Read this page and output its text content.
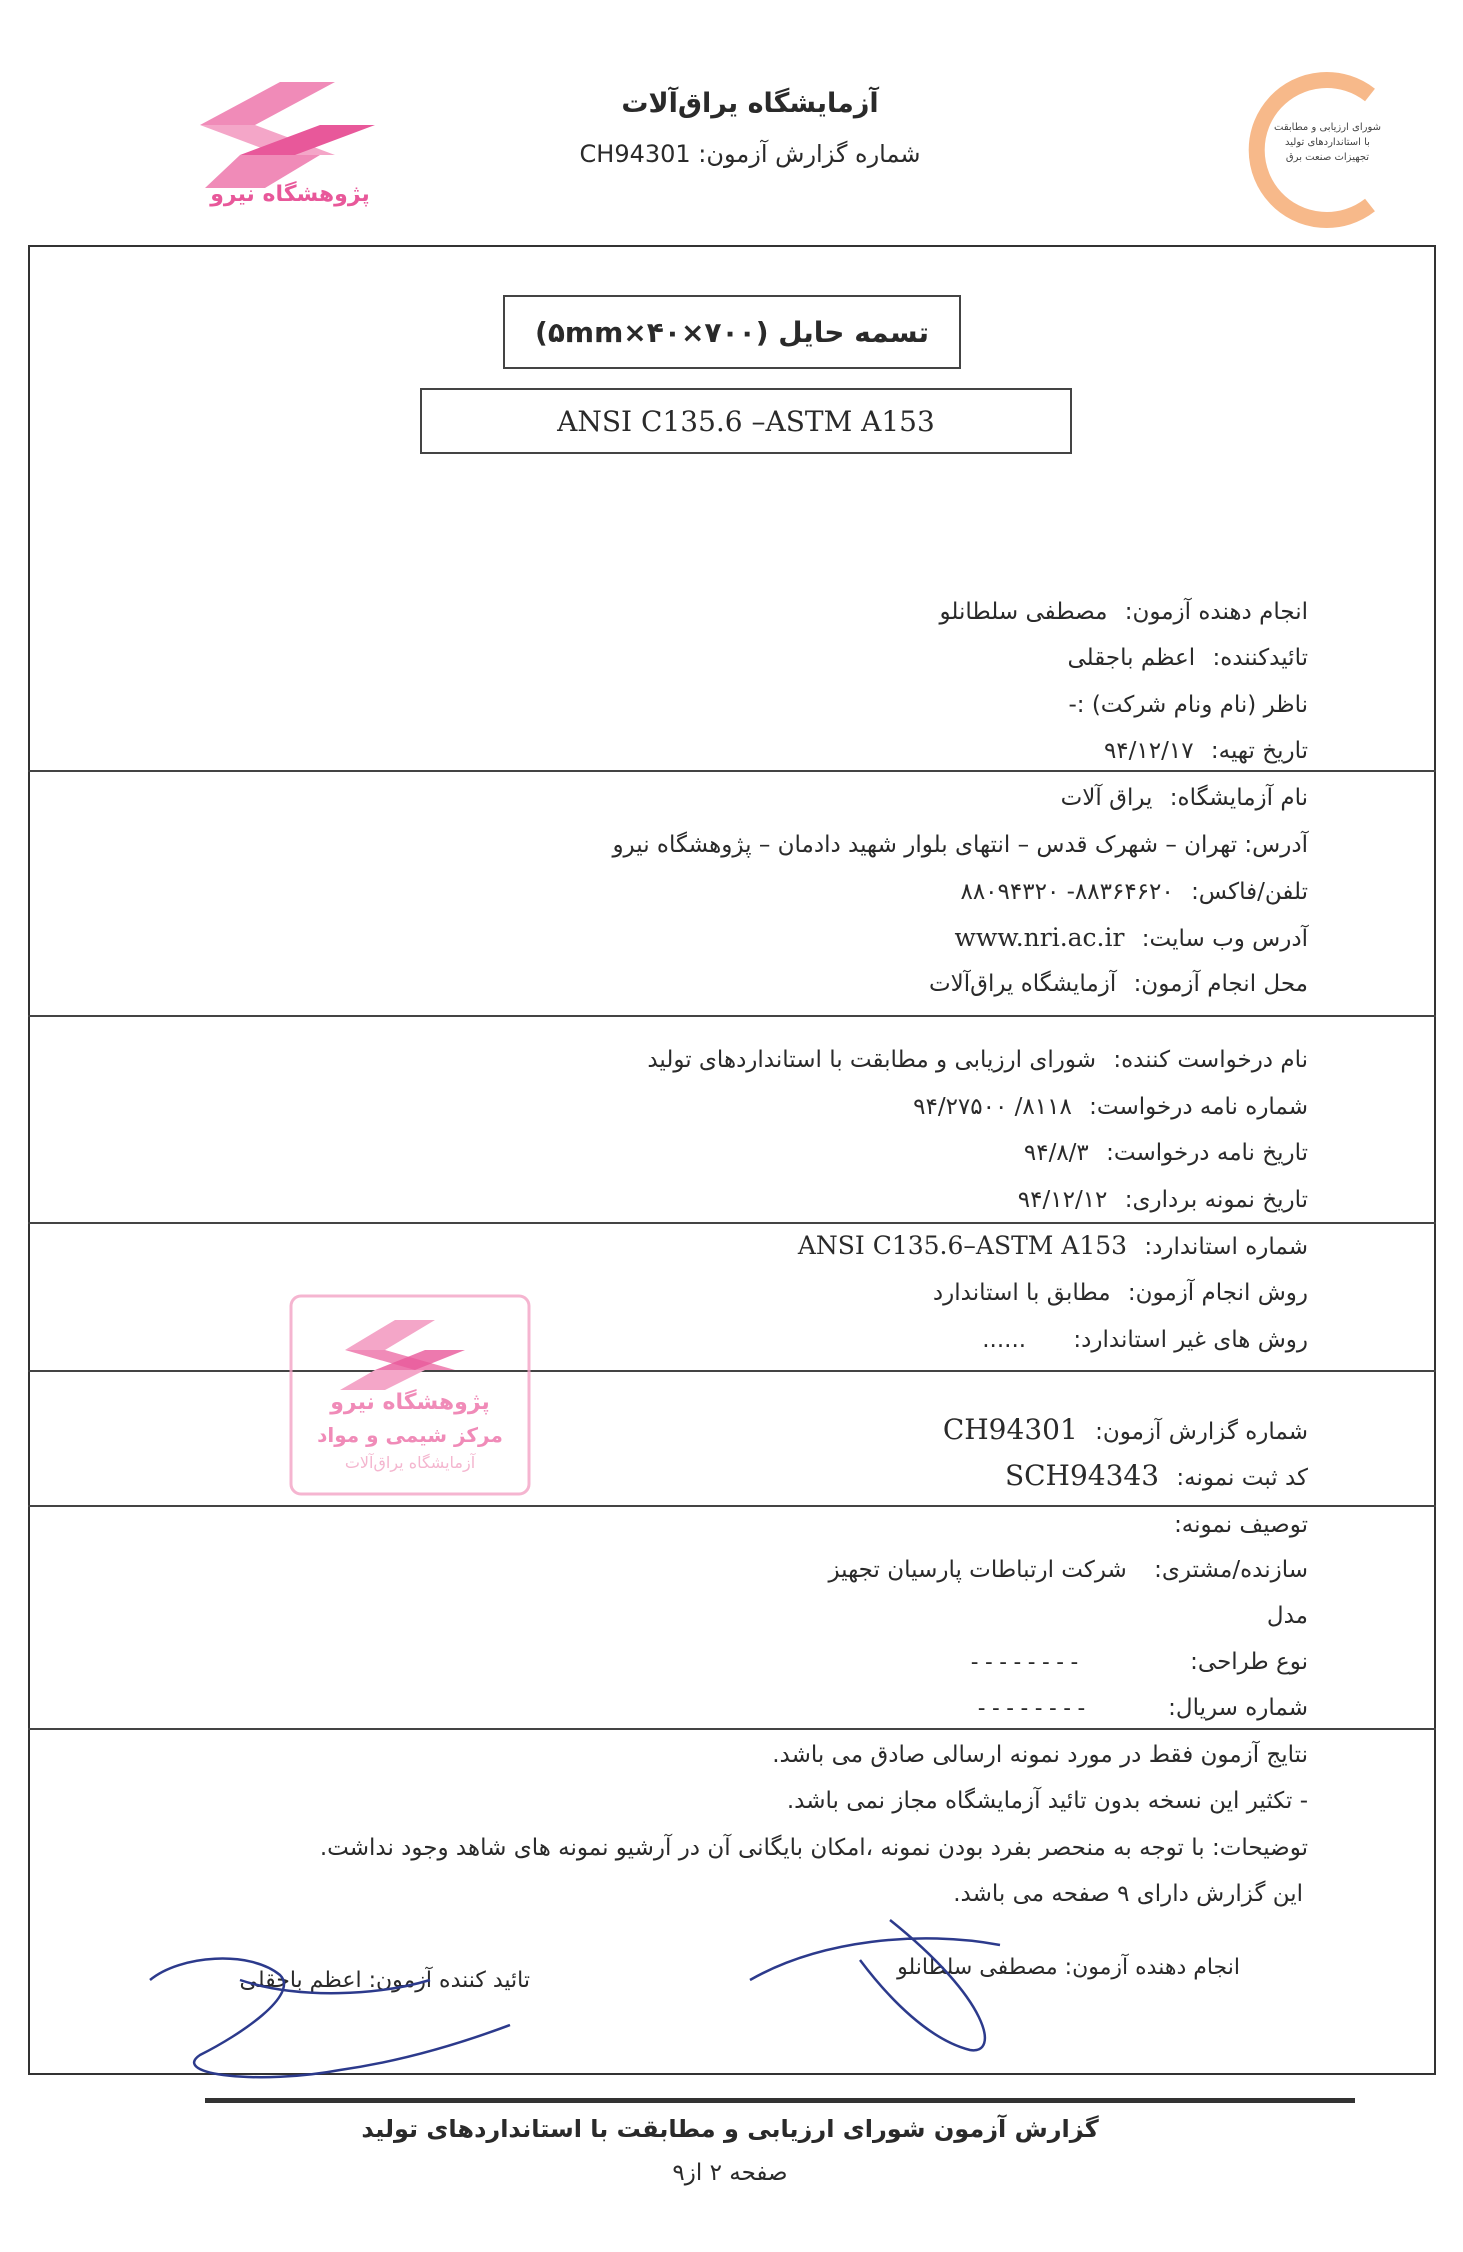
آزمایشگاه یراق‌آلات
شماره گزارش آزمون: CH94301
پژوهشگاه نیرو
شورای ارزیابی و مطابقت با استانداردهای تولید تجهیزات صنعت برق
تسمه حایل (۷۰۰×۴۰×۵mm)
ANSI C135.6 –ASTM A153
انجام دهنده آزمون: مصطفی سلطانلو
تائیدکننده: اعظم باجقلی
ناظر (نام ونام شرکت) :-
تاریخ تهیه: ۹۴/۱۲/۱۷
نام آزمایشگاه: یراق آلات
آدرس: تهران – شهرک قدس – انتهای بلوار شهید دادمان – پژوهشگاه نیرو
تلفن/فاکس: ۸۸۳۶۴۶۲۰- ۸۸۰۹۴۳۲۰
آدرس وب سایت: www.nri.ac.ir
محل انجام آزمون: آزمایشگاه یراق‌آلات
نام درخواست کننده: شورای ارزیابی و مطابقت با استانداردهای تولید
شماره نامه درخواست: ۸۱۱۸/ ۹۴/۲۷۵۰۰
تاریخ نامه درخواست: ۹۴/۸/۳
تاریخ نمونه برداری: ۹۴/۱۲/۱۲
شماره استاندارد: ANSI C135.6–ASTM A153
روش انجام آزمون: مطابق با استاندارد
روش های غیر استاندارد: ......
شماره گزارش آزمون: CH94301
کد ثبت نمونه: SCH94343
توصیف نمونه:
سازنده/مشتری: شرکت ارتباطات پارسیان تجهیز
مدل
نوع طراحی:
--------
شماره سریال:
--------
نتایج آزمون فقط در مورد نمونه ارسالی صادق می باشد.
- تکثیر این نسخه بدون تائید آزمایشگاه مجاز نمی باشد.
توضیحات: با توجه به منحصر بفرد بودن نمونه ،امکان بایگانی آن در آرشیو نمونه های شاهد وجود نداشت.
این گزارش دارای ۹ صفحه می باشد.
انجام دهنده آزمون: مصطفی سلطانلو
تائید کننده آزمون: اعظم باجقلی
پژوهشگاه نیرو
مرکز شیمی و مواد
آزمایشگاه یراق‌آلات
گزارش آزمون شورای ارزیابی و مطابقت با استانداردهای تولید
صفحه ۲ از۹
